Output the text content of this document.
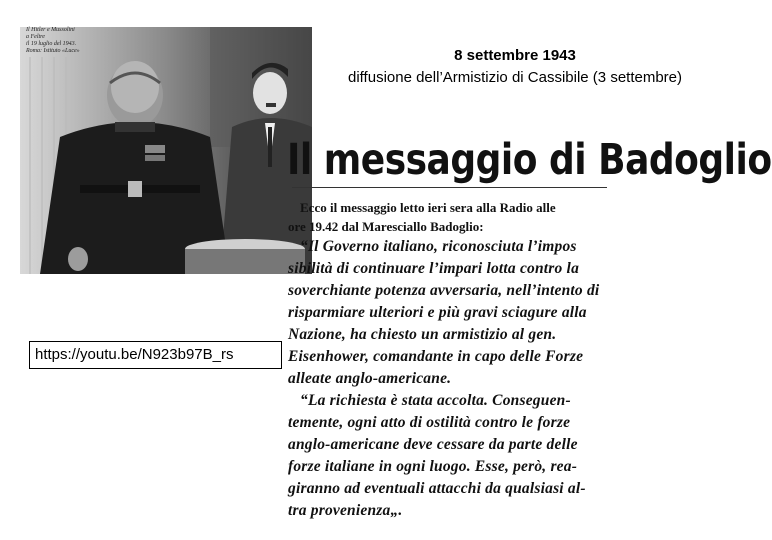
Il Hitler e Mussolini
a Feltre
il 19 luglio del 1943.
Roma: Istituto «Luce»	8 settembre 1943
diffusione dell’Armistizio di Cassibile (3 settembre)
https://youtu.be/N923b97B_rs
Il messaggio di Badoglio
Ecco il messaggio letto ieri sera alla Radio alle
ore 19.42 dal Maresciallo Badoglio:
“Il Governo italiano, riconosciuta l’impos
sibilità di continuare l’impari lotta contro la
soverchiante potenza avversaria, nell’intento di
risparmiare ulteriori e più gravi sciagure alla
Nazione, ha chiesto un armistizio al gen.
Eisenhower, comandante in capo delle Forze
alleate anglo-americane.
“La richiesta è stata accolta. Conseguen-
temente, ogni atto di ostilità contro le forze
anglo-americane deve cessare da parte delle
forze italiane in ogni luogo. Esse, però, rea-
giranno ad eventuali attacchi da qualsiasi al-
tra provenienza„.
